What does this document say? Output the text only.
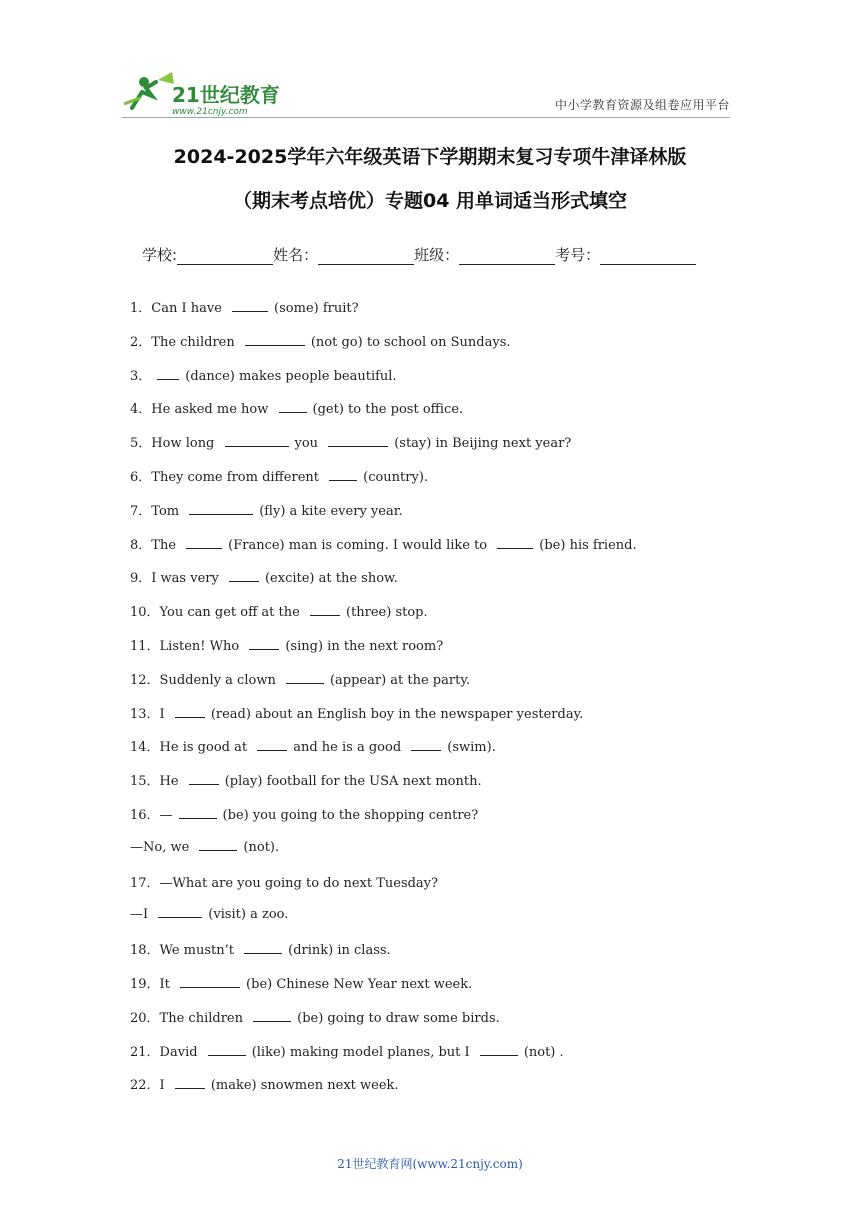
21世纪教育
www.21cnjy.com	中小学教育资源及组卷应用平台
2024-2025学年六年级英语下学期期末复习专项牛津译林版
（期末考点培优）专题04 用单词适当形式填空
学校:	姓名：	班级：	考号：
1．Can I have	(some) fruit?
2．The children	(not go) to school on Sundays.
3．	(dance) makes people beautiful.
4．He asked me how	(get) to the post office.
5．How long	you	(stay) in Beijing next year?
6．They come from different	(country).
7．Tom	(fly) a kite every year.
8．The	(France) man is coming. I would like to	(be) his friend.
9．I was very	(excite) at the show.
10．You can get off at the	(three) stop.
11．Listen! Who	(sing) in the next room?
12．Suddenly a clown	(appear) at the party.
13．I	(read) about an English boy in the newspaper yesterday.
14．He is good at	and he is a good	(swim).
15．He	(play) football for the USA next month.
16．—	(be) you going to the shopping centre?
—No, we	(not).
17．—What are you going to do next Tuesday?
—I	(visit) a zoo.
18．We mustn’t	(drink) in class.
19．It	(be) Chinese New Year next week.
20．The children	(be) going to draw some birds.
21．David	(like) making model planes, but I	(not) .
22．I	(make) snowmen next week.
21世纪教育网(www.21cnjy.com)
